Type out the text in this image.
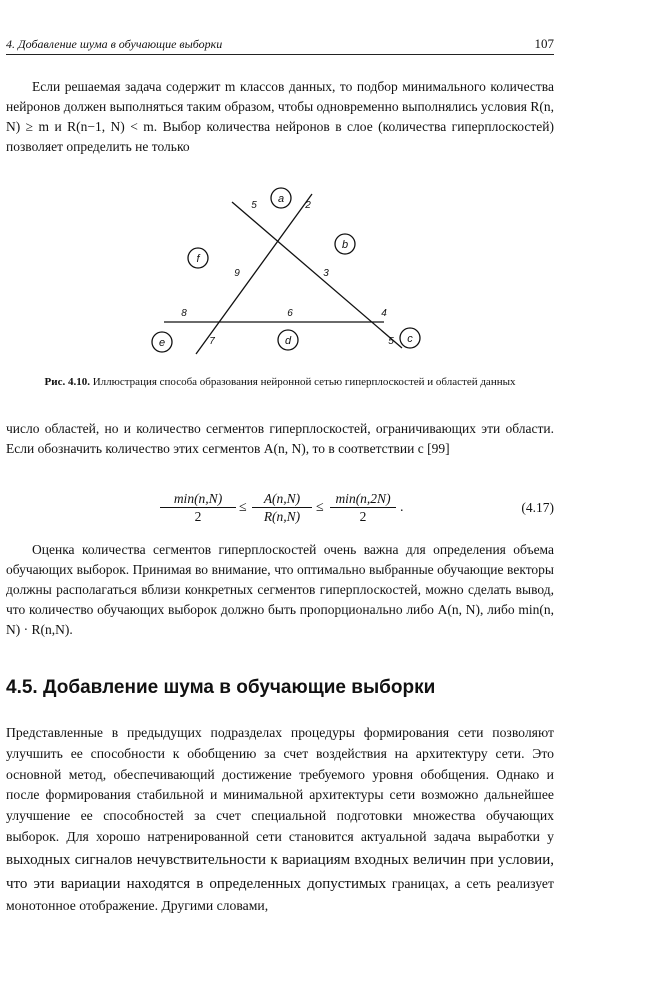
4. Добавление шума в обучающие выборки	107

Если решаемая задача содержит m классов данных, то подбор минимального количества нейронов должен выполняться таким образом, чтобы одновременно выполнялись условия R(n, N) ≥ m и R(n−1, N) < m. Выбор количества нейронов в слое (количества гиперплоскостей) позволяет определить не только

a
b
c
d
e
f
5	2
9	3
8	6	4
7	5
Рис. 4.10. Иллюстрация способа образования нейронной сетью гиперплоскостей и областей данных

число областей, но и количество сегментов гиперплоскостей, ограничивающих эти области. Если обозначить количество этих сегментов A(n, N), то в соответствии с [99]

min(n,N)
2
≤ $\frac{A(n,N)}{R(n,N)}$ ≤
min(n,2N)
2
.	(4.17)

Оценка количества сегментов гиперплоскостей очень важна для определения объема обучающих выборок. Принимая во внимание, что оптимально выбранные обучающие векторы должны располагаться вблизи конкретных сегментов гиперплоскостей, можно сделать вывод, что количество обучающих выборок должно быть пропорционально либо A(n, N), либо min(n, N) · R(n,N).

4.5. Добавление шума в обучающие выборки

Представленные в предыдущих подразделах процедуры формирования сети позволяют улучшить ее способности к обобщению за счет воздействия на архитектуру сети. Это основной метод, обеспечивающий достижение требуемого уровня обобщения. Однако и после формирования стабильной и минимальной архитектуры сети возможно дальнейшее улучшение ее способностей за счет специальной подготовки множества обучающих выборок. Для хорошо натренированной сети становится актуальной задача выработки у выходных сигналов нечувствительности к вариациям входных величин при условии, что эти вариации находятся в определенных допустимых границах, а сеть реализует монотонное отображение. Другими словами,
